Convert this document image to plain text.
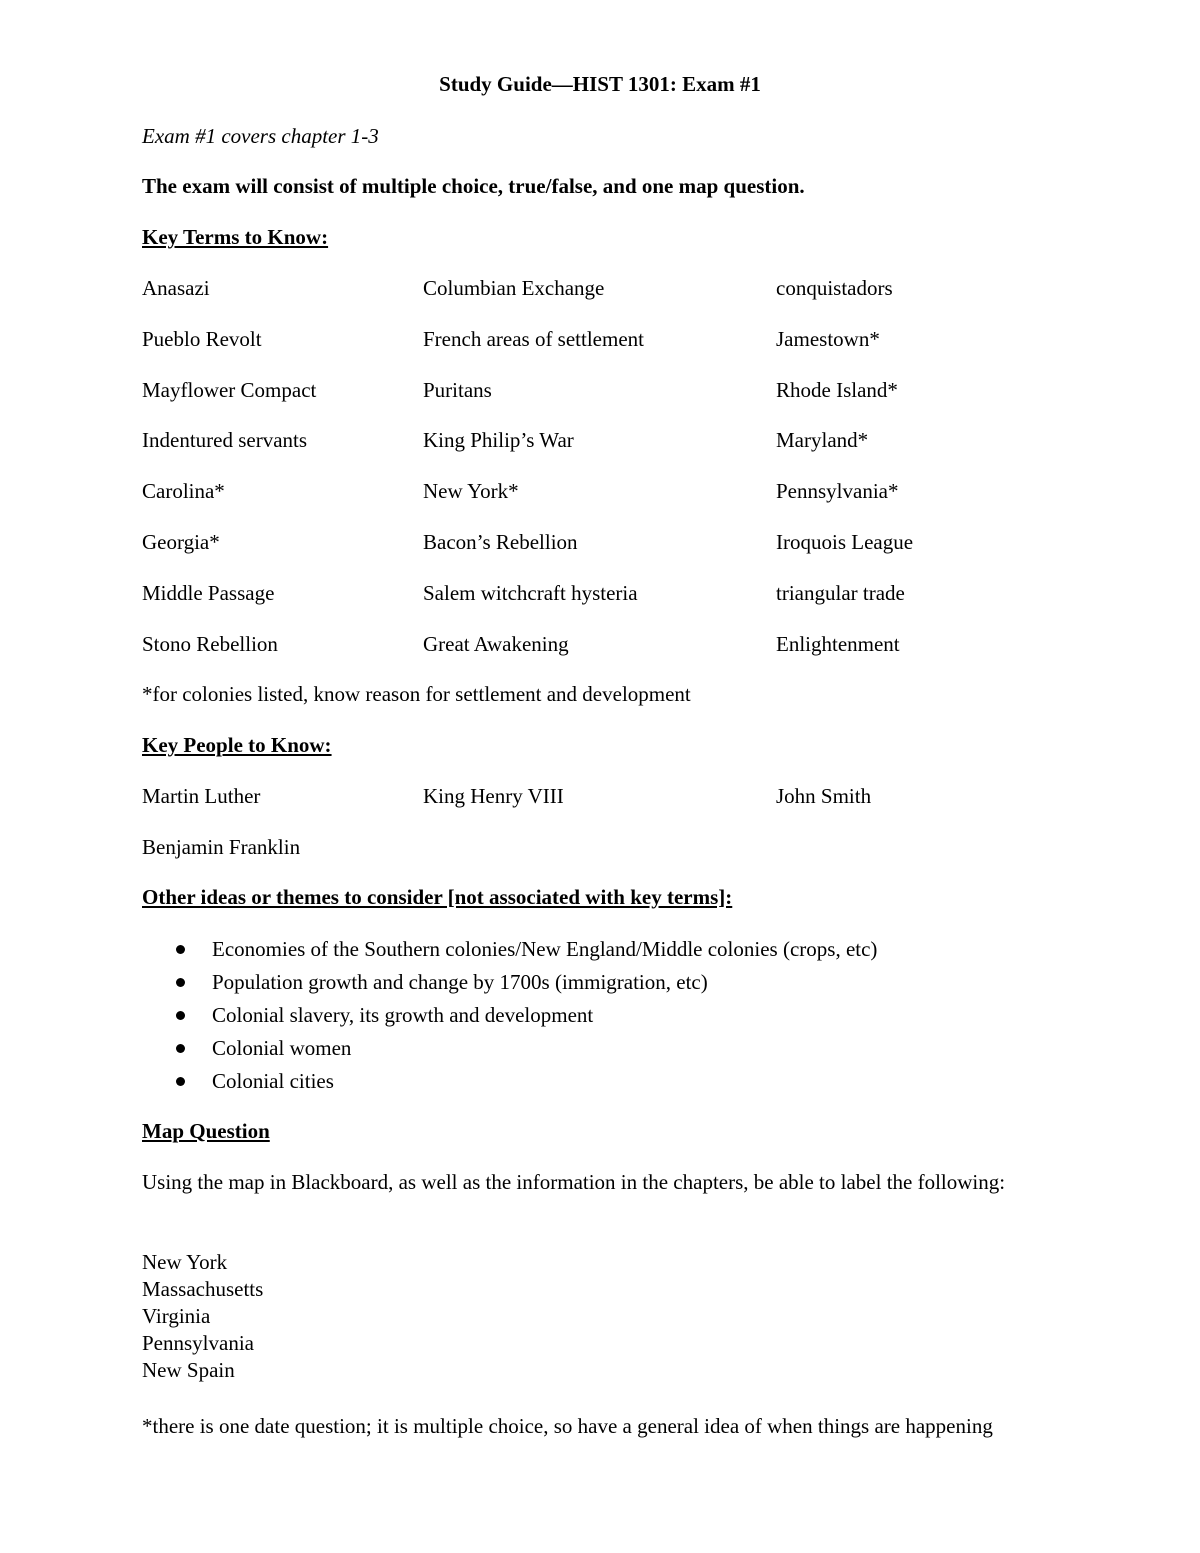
Study Guide—HIST 1301: Exam #1
Exam #1 covers chapter 1-3
The exam will consist of multiple choice, true/false, and one map question.
Key Terms to Know:
Anasazi	Columbian Exchange	conquistadors
Pueblo Revolt	French areas of settlement	Jamestown*
Mayflower Compact	Puritans	Rhode Island*
Indentured servants	King Philip’s War	Maryland*
Carolina*	New York*	Pennsylvania*
Georgia*	Bacon’s Rebellion	Iroquois League
Middle Passage	Salem witchcraft hysteria	triangular trade
Stono Rebellion	Great Awakening	Enlightenment
*for colonies listed, know reason for settlement and development
Key People to Know:
Martin Luther	King Henry VIII	John Smith
Benjamin Franklin
Other ideas or themes to consider [not associated with key terms]:
Economies of the Southern colonies/New England/Middle colonies (crops, etc)
Population growth and change by 1700s (immigration, etc)
Colonial slavery, its growth and development
Colonial women
Colonial cities
Map Question
Using the map in Blackboard, as well as the information in the chapters, be able to label the following:
New York
Massachusetts
Virginia
Pennsylvania
New Spain
*there is one date question; it is multiple choice, so have a general idea of when things are happening
